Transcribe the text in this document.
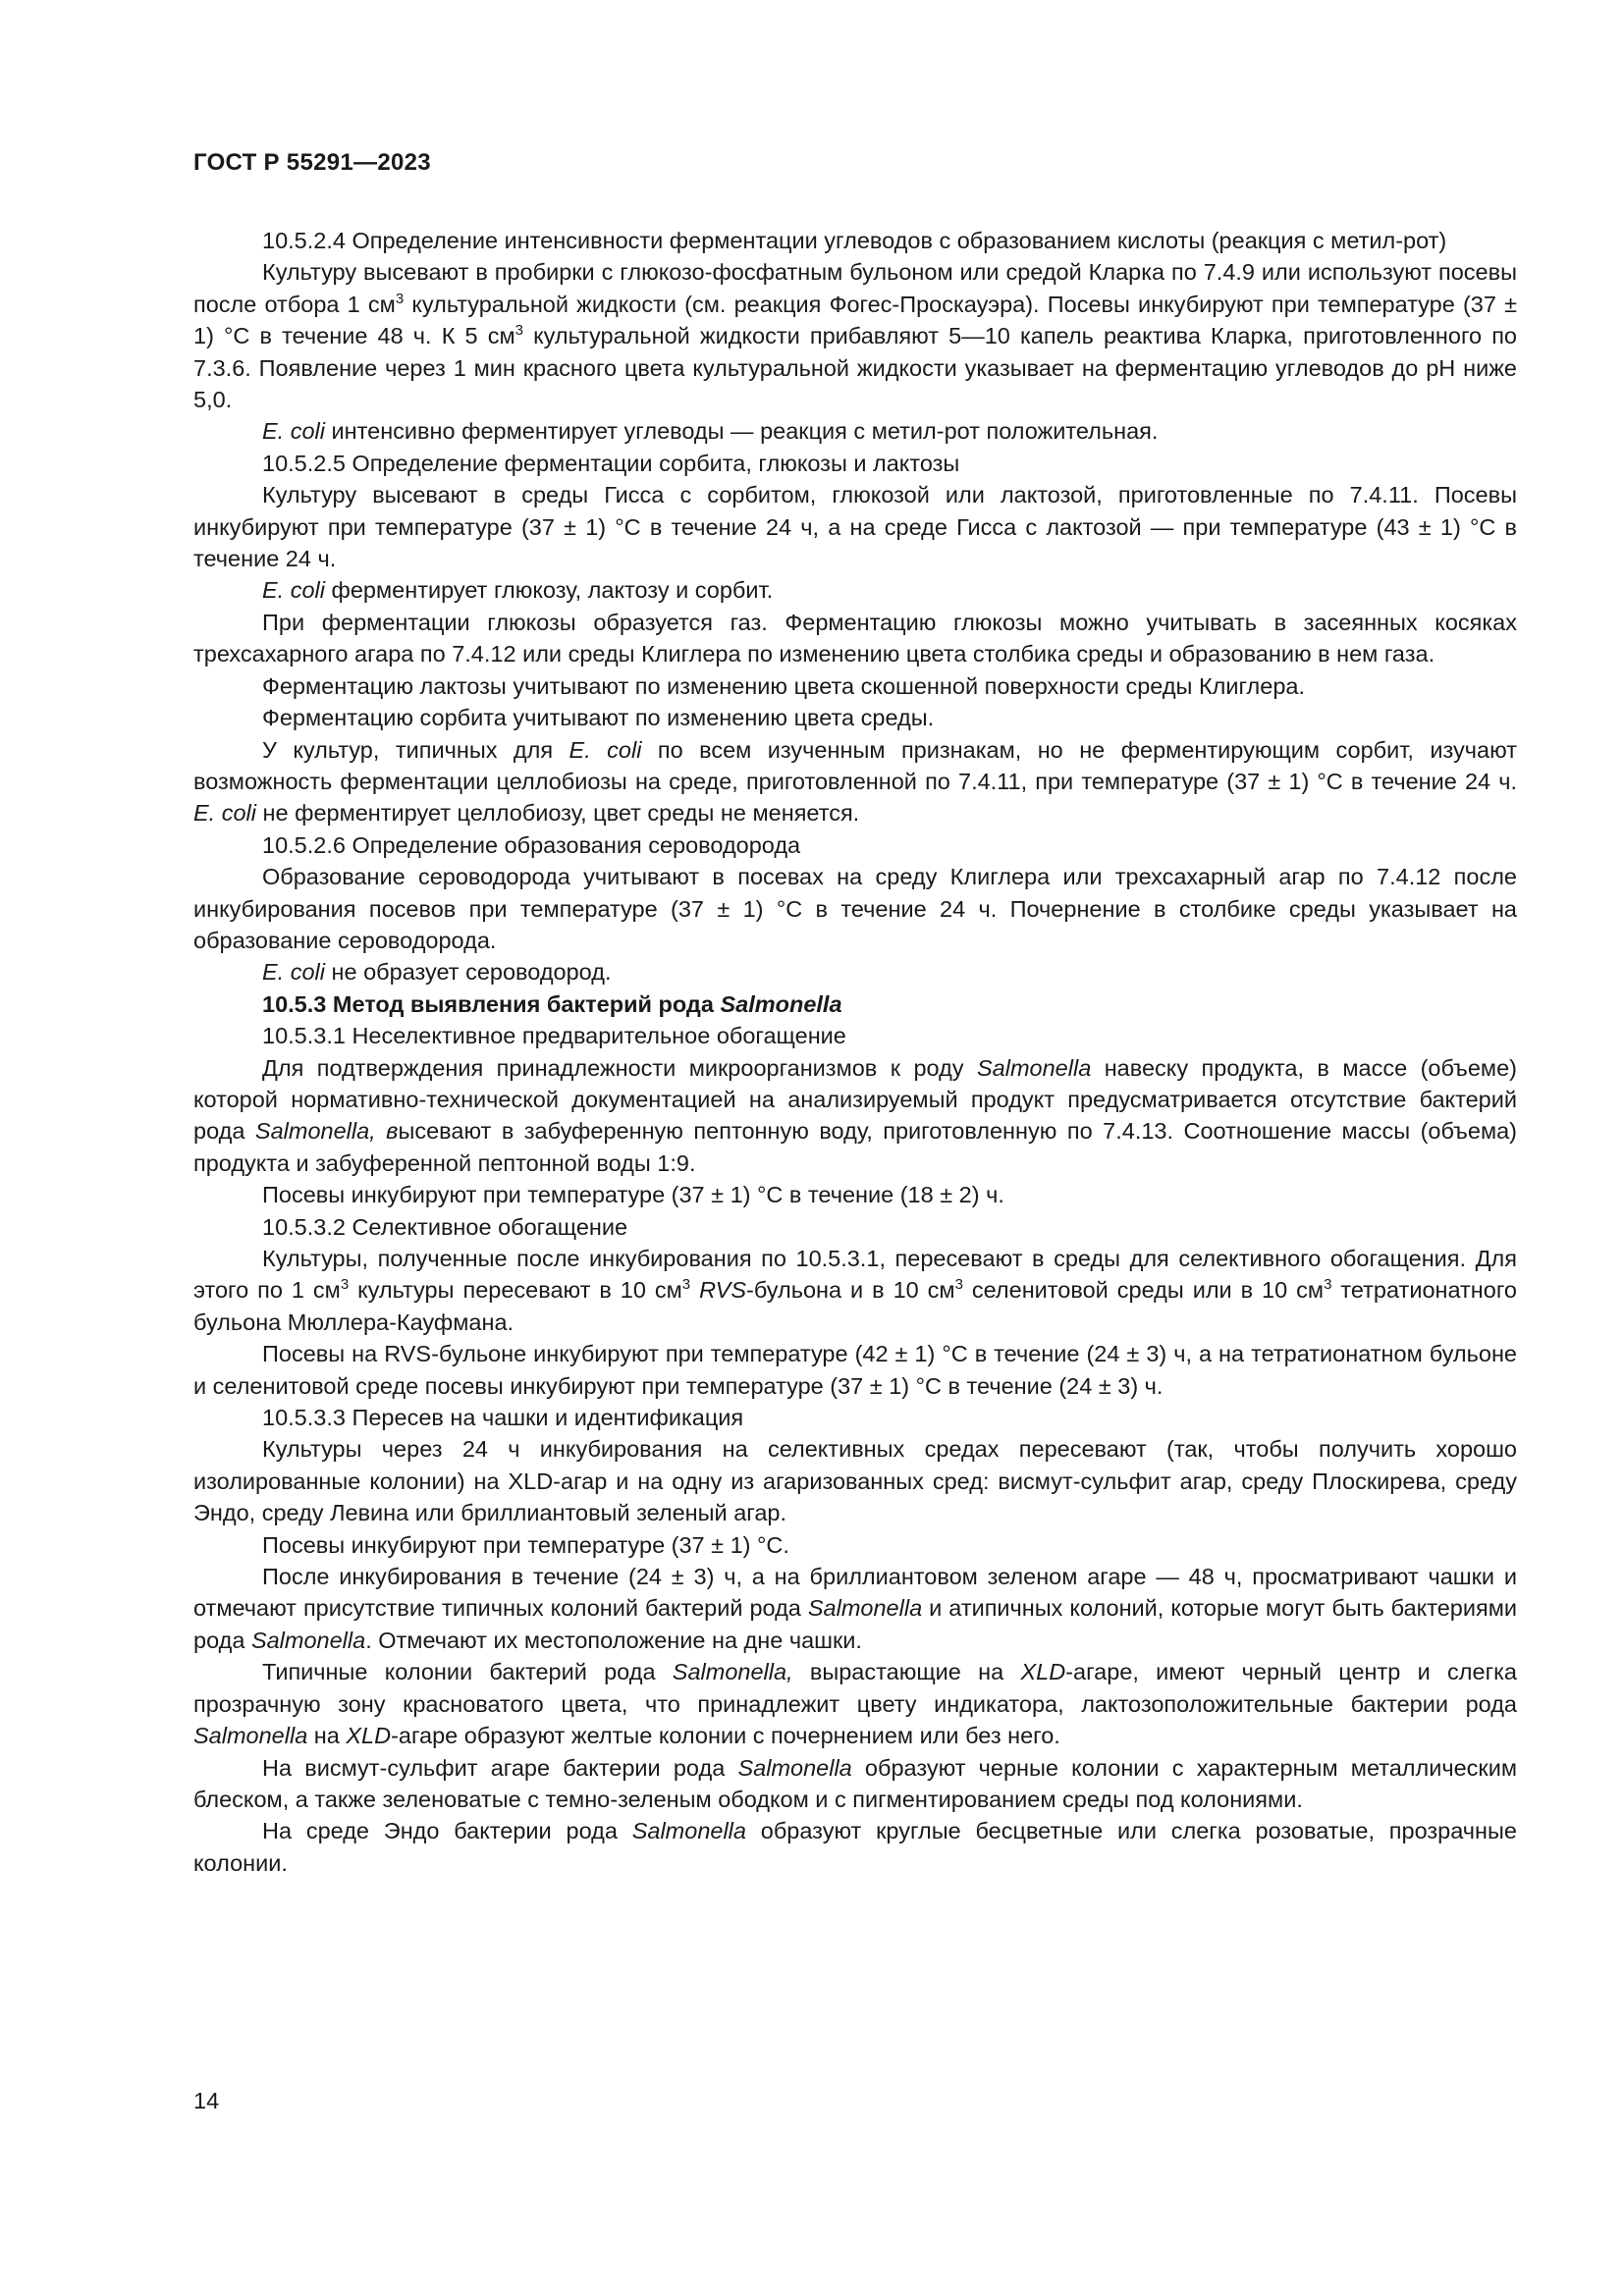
ГОСТ Р 55291—2023

10.5.2.4 Определение интенсивности ферментации углеводов с образованием кислоты (реакция с метил-рот)

Культуру высевают в пробирки с глюкозо-фосфатным бульоном или средой Кларка по 7.4.9 или используют посевы после отбора 1 $см^3$ культуральной жидкости (см. реакция Фогес-Проскауэра). Посевы инкубируют при температуре (37 ± 1) °С в течение 48 ч. К 5 $см^3$ культуральной жидкости прибавляют 5—10 капель реактива Кларка, приготовленного по 7.3.6. Появление через 1 мин красного цвета культуральной жидкости указывает на ферментацию углеводов до pH ниже 5,0.

E. coli интенсивно ферментирует углеводы — реакция с метил-рот положительная.

10.5.2.5 Определение ферментации сорбита, глюкозы и лактозы

Культуру высевают в среды Гисса с сорбитом, глюкозой или лактозой, приготовленные по 7.4.11. Посевы инкубируют при температуре (37 ± 1) °С в течение 24 ч, а на среде Гисса с лактозой — при температуре (43 ± 1) °С в течение 24 ч.

E. coli ферментирует глюкозу, лактозу и сорбит.

При ферментации глюкозы образуется газ. Ферментацию глюкозы можно учитывать в засеянных косяках трехсахарного агара по 7.4.12 или среды Клиглера по изменению цвета столбика среды и образованию в нем газа.

Ферментацию лактозы учитывают по изменению цвета скошенной поверхности среды Клиглера.

Ферментацию сорбита учитывают по изменению цвета среды.

У культур, типичных для E. coli по всем изученным признакам, но не ферментирующим сорбит, изучают возможность ферментации целлобиозы на среде, приготовленной по 7.4.11, при температуре (37 ± 1) °С в течение 24 ч. E. coli не ферментирует целлобиозу, цвет среды не меняется.

10.5.2.6 Определение образования сероводорода

Образование сероводорода учитывают в посевах на среду Клиглера или трехсахарный агар по 7.4.12 после инкубирования посевов при температуре (37 ± 1) °С в течение 24 ч. Почернение в столбике среды указывает на образование сероводорода.

E. coli не образует сероводород.

10.5.3 Метод выявления бактерий рода Salmonella

10.5.3.1 Неселективное предварительное обогащение

Для подтверждения принадлежности микроорганизмов к роду Salmonella навеску продукта, в массе (объеме) которой нормативно-технической документацией на анализируемый продукт предусматривается отсутствие бактерий рода Salmonella, высевают в забуференную пептонную воду, приготовленную по 7.4.13. Соотношение массы (объема) продукта и забуференной пептонной воды 1:9.

Посевы инкубируют при температуре (37 ± 1) °С в течение (18 ± 2) ч.

10.5.3.2 Селективное обогащение

Культуры, полученные после инкубирования по 10.5.3.1, пересевают в среды для селективного обогащения. Для этого по 1 $см^3$ культуры пересевают в 10 $см^3$ RVS-бульона и в 10 $см^3$ селенитовой среды или в 10 $см^3$ тетратионатного бульона Мюллера-Кауфмана.

Посевы на RVS-бульоне инкубируют при температуре (42 ± 1) °С в течение (24 ± 3) ч, а на тетратионатном бульоне и селенитовой среде посевы инкубируют при температуре (37 ± 1) °С в течение (24 ± 3) ч.

10.5.3.3 Пересев на чашки и идентификация

Культуры через 24 ч инкубирования на селективных средах пересевают (так, чтобы получить хорошо изолированные колонии) на XLD-агар и на одну из агаризованных сред: висмут-сульфит агар, среду Плоскирева, среду Эндо, среду Левина или бриллиантовый зеленый агар.

Посевы инкубируют при температуре (37 ± 1) °С.

После инкубирования в течение (24 ± 3) ч, а на бриллиантовом зеленом агаре — 48 ч, просматривают чашки и отмечают присутствие типичных колоний бактерий рода Salmonella и атипичных колоний, которые могут быть бактериями рода Salmonella. Отмечают их местоположение на дне чашки.

Типичные колонии бактерий рода Salmonella, вырастающие на XLD-агаре, имеют черный центр и слегка прозрачную зону красноватого цвета, что принадлежит цвету индикатора, лактозоположительные бактерии рода Salmonella на XLD-агаре образуют желтые колонии с почернением или без него.

На висмут-сульфит агаре бактерии рода Salmonella образуют черные колонии с характерным металлическим блеском, а также зеленоватые с темно-зеленым ободком и с пигментированием среды под колониями.

На среде Эндо бактерии рода Salmonella образуют круглые бесцветные или слегка розоватые, прозрачные колонии.

14
